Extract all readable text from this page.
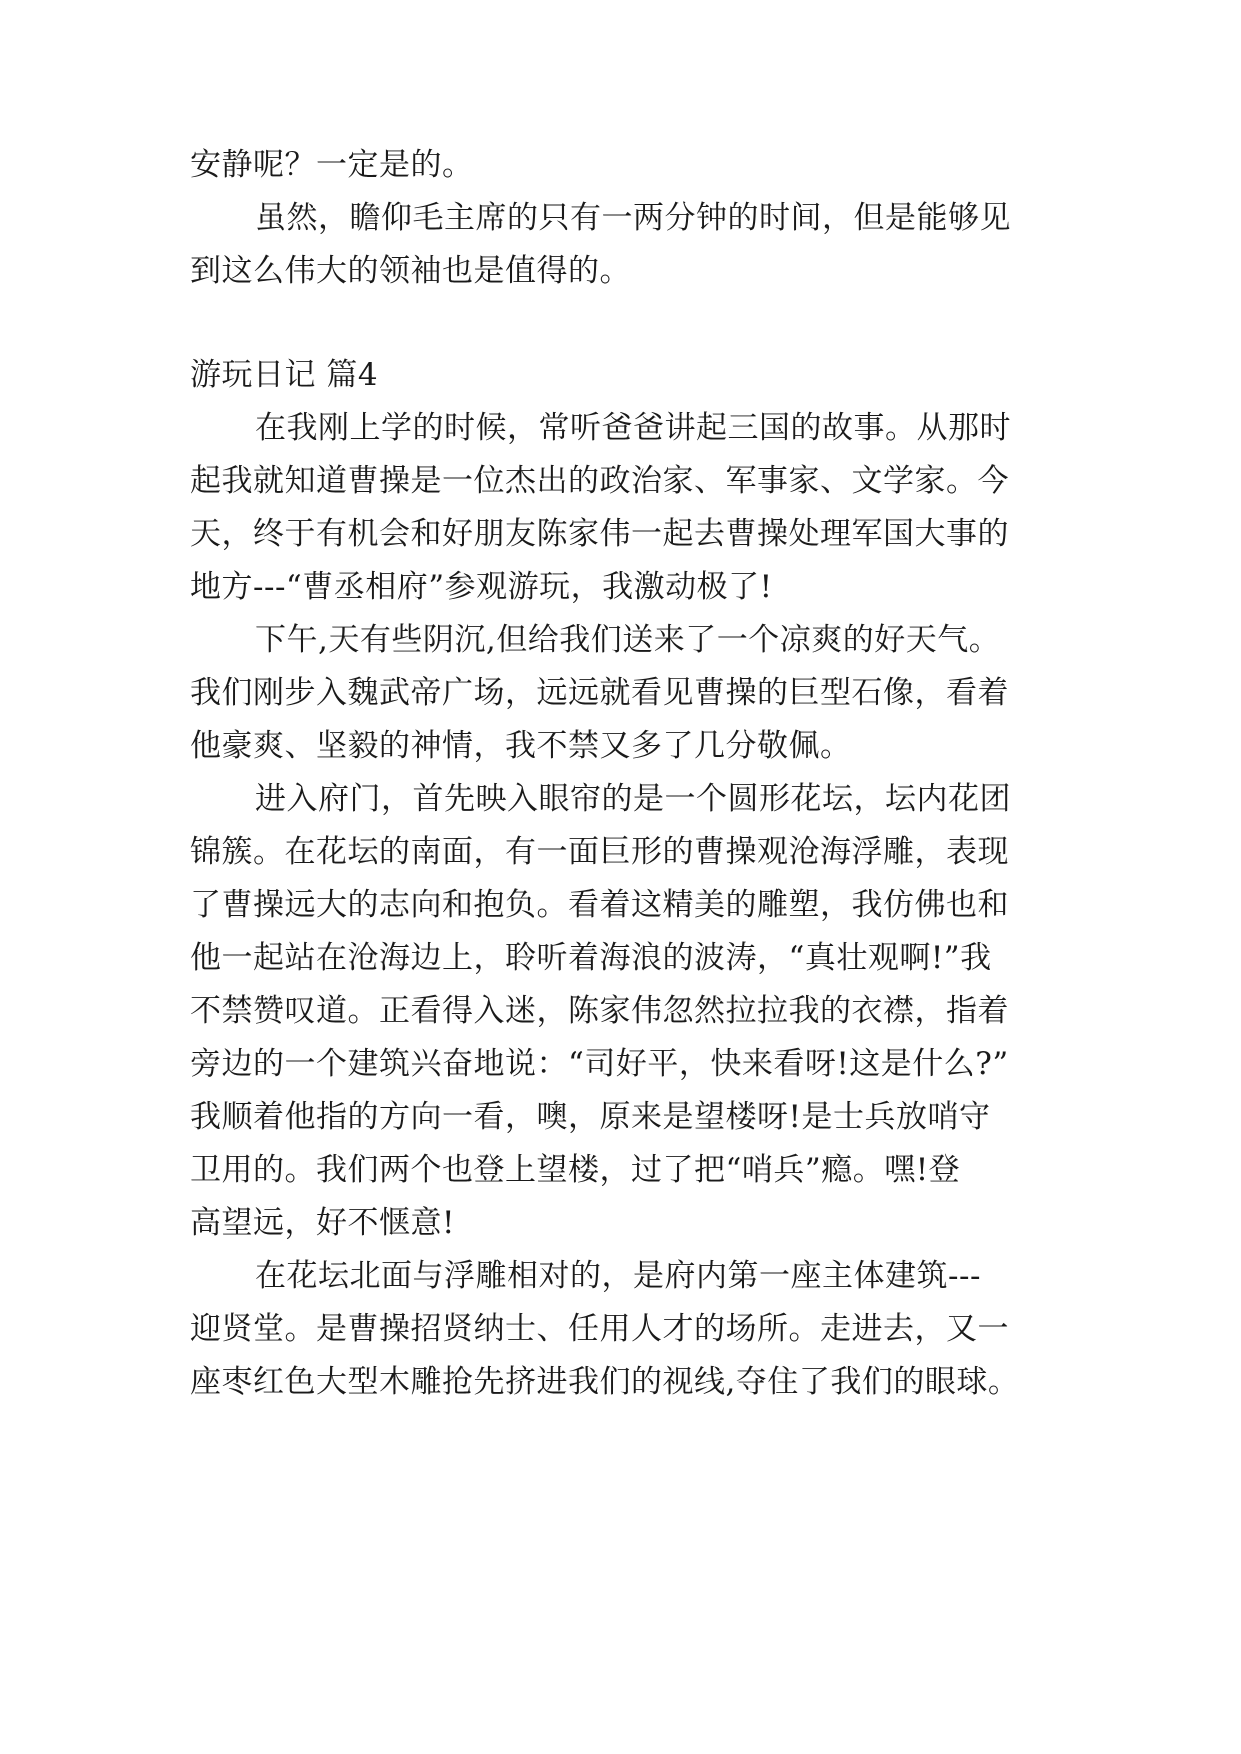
安静呢？一定是的。
虽然，瞻仰毛主席的只有一两分钟的时间，但是能够见
到这么伟大的领袖也是值得的。
游玩日记 篇4
在我刚上学的时候，常听爸爸讲起三国的故事。从那时
起我就知道曹操是一位杰出的政治家、军事家、文学家。今
天，终于有机会和好朋友陈家伟一起去曹操处理军国大事的
地方---“曹丞相府”参观游玩，我激动极了!
下午,天有些阴沉,但给我们送来了一个凉爽的好天气。
我们刚步入魏武帝广场，远远就看见曹操的巨型石像，看着
他豪爽、坚毅的神情，我不禁又多了几分敬佩。
进入府门，首先映入眼帘的是一个圆形花坛，坛内花团
锦簇。在花坛的南面，有一面巨形的曹操观沧海浮雕，表现
了曹操远大的志向和抱负。看着这精美的雕塑，我仿佛也和
他一起站在沧海边上，聆听着海浪的波涛，“真壮观啊!”我
不禁赞叹道。正看得入迷，陈家伟忽然拉拉我的衣襟，指着
旁边的一个建筑兴奋地说：“司好平，快来看呀!这是什么?”
我顺着他指的方向一看，噢，原来是望楼呀!是士兵放哨守
卫用的。我们两个也登上望楼，过了把“哨兵”瘾。嘿!登
高望远，好不惬意!
在花坛北面与浮雕相对的，是府内第一座主体建筑---
迎贤堂。是曹操招贤纳士、任用人才的场所。走进去，又一
座枣红色大型木雕抢先挤进我们的视线,夺住了我们的眼球。
